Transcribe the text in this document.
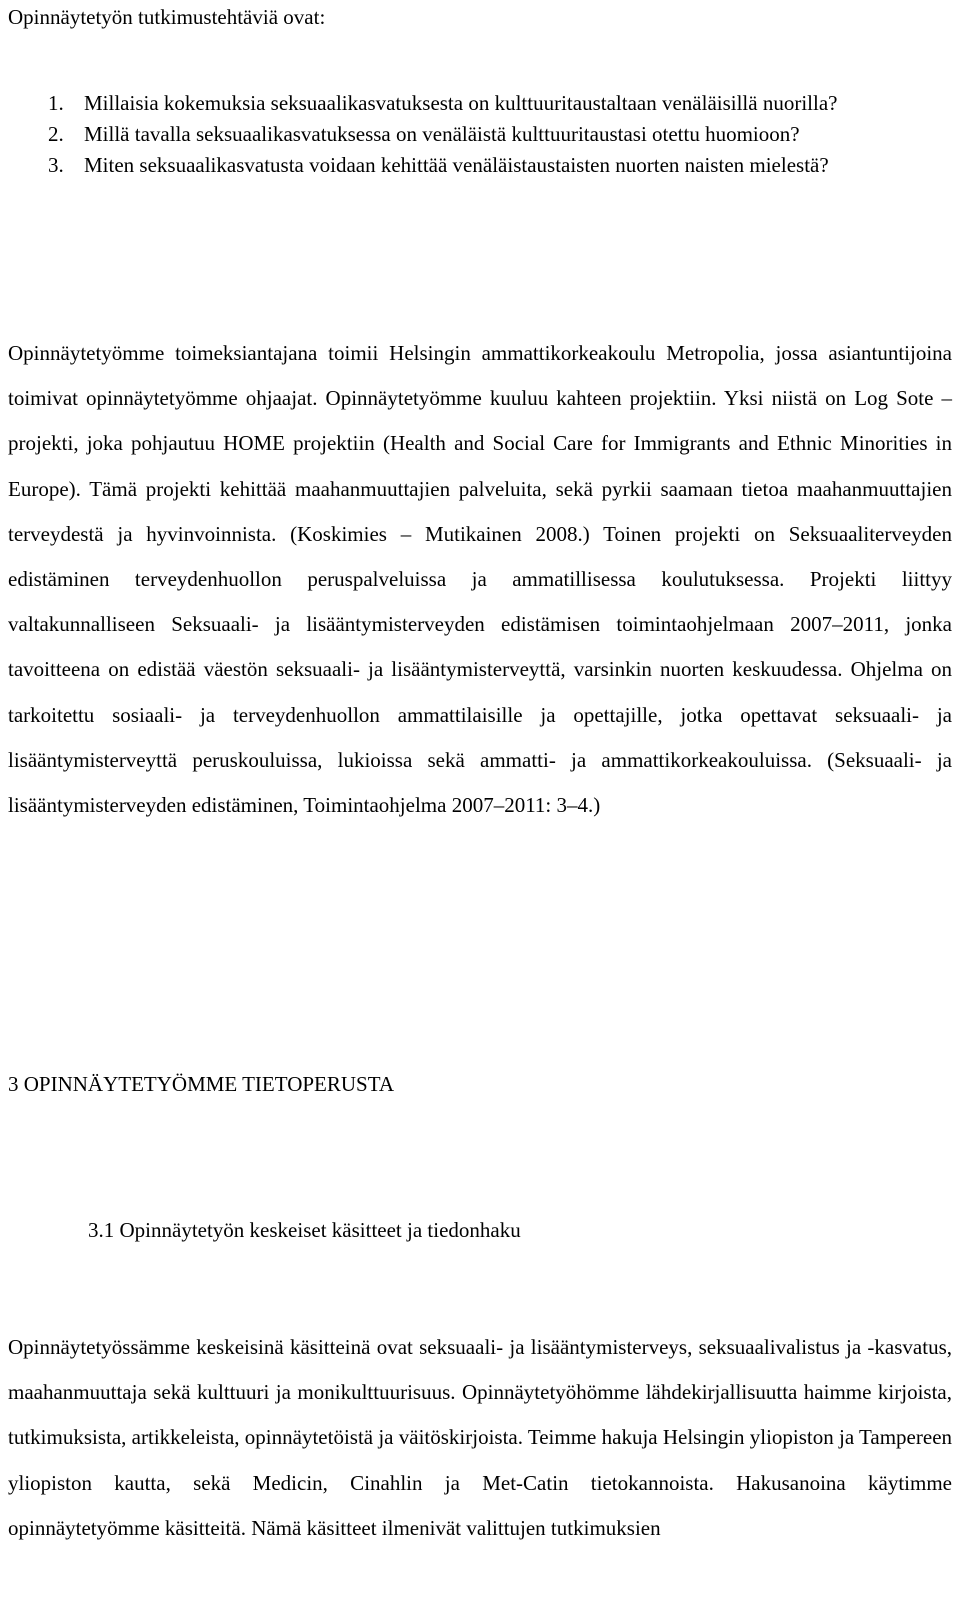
Opinnäytetyön tutkimustehtäviä ovat:
1. Millaisia kokemuksia seksuaalikasvatuksesta on kulttuuritaustaltaan venäläisillä nuorilla?
2. Millä tavalla seksuaalikasvatuksessa on venäläistä kulttuuritaustasi otettu huomioon?
3. Miten seksuaalikasvatusta voidaan kehittää venäläistaustaisten nuorten naisten mielestä?

Opinnäytetyömme toimeksiantajana toimii Helsingin ammattikorkeakoulu Metropolia, jossa asiantuntijoina toimivat opinnäytetyömme ohjaajat. Opinnäytetyömme kuuluu kahteen projektiin. Yksi niistä on Log Sote –projekti, joka pohjautuu HOME projektiin (Health and Social Care for Immigrants and Ethnic Minorities in Europe). Tämä projekti kehittää maahanmuuttajien palveluita, sekä pyrkii saamaan tietoa maahanmuuttajien terveydestä ja hyvinvoinnista. (Koskimies – Mutikainen 2008.) Toinen projekti on Seksuaaliterveyden edistäminen terveydenhuollon peruspalveluissa ja ammatillisessa koulutuksessa. Projekti liittyy valtakunnalliseen Seksuaali- ja lisääntymisterveyden edistämisen toimintaohjelmaan 2007–2011, jonka tavoitteena on edistää väestön seksuaali- ja lisääntymisterveyttä, varsinkin nuorten keskuudessa. Ohjelma on tarkoitettu sosiaali- ja terveydenhuollon ammattilaisille ja opettajille, jotka opettavat seksuaali- ja lisääntymisterveyttä peruskouluissa, lukioissa sekä ammatti- ja ammattikorkeakouluissa. (Seksuaali- ja lisääntymisterveyden edistäminen, Toimintaohjelma 2007–2011: 3–4.)

3 OPINNÄYTETYÖMME TIETOPERUSTA
3.1 Opinnäytetyön keskeiset käsitteet ja tiedonhaku

Opinnäytetyössämme keskeisinä käsitteinä ovat seksuaali- ja lisääntymisterveys, seksuaalivalistus ja -kasvatus, maahanmuuttaja sekä kulttuuri ja monikulttuurisuus. Opinnäytetyöhömme lähdekirjallisuutta haimme kirjoista, tutkimuksista, artikkeleista, opinnäytetöistä ja väitöskirjoista. Teimme hakuja Helsingin yliopiston ja Tampereen yliopiston kautta, sekä Medicin, Cinahlin ja Met-Catin tietokannoista. Hakusanoina käytimme opinnäytetyömme käsitteitä. Nämä käsitteet ilmenivät valittujen tutkimuksien
